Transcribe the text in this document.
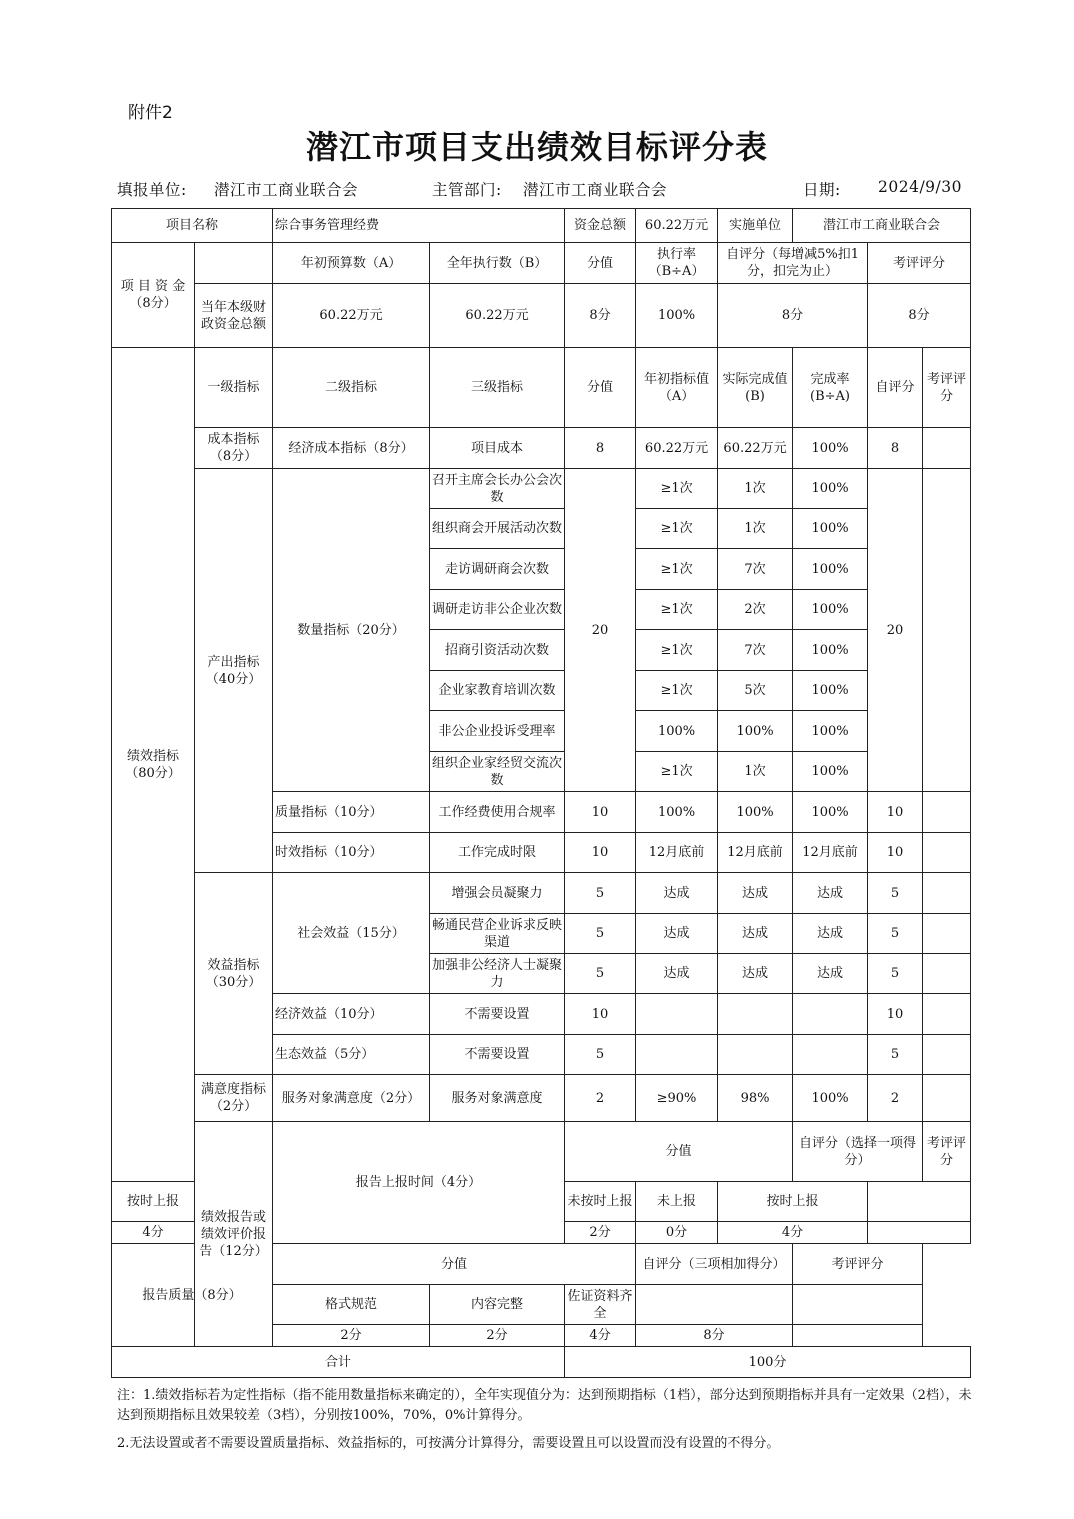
附件2
潜江市项目支出绩效目标评分表
填报单位: 潜江市工商业联合会	主管部门: 潜江市工商业联合会	日期: 2024/9/30
项目名称		综合事务管理经费		资金总额	60.22万元	实施单位	潜江市工商业联合会			
项 目 资 金（8分）		年初预算数（A）	全年执行数（B）	分值	执行率（B÷A）	自评分（每增减5%扣1分，扣完为止）		考评评分		
	当年本级财政资金总额	60.22万元	60.22万元	8分	100%	8分		8分		
绩效指标（80分）	一级指标	二级指标	三级指标	分值	年初指标值（A）	实际完成值(B)	完成率(B÷A)	自评分	考评评分	
	成本指标（8分）	经济成本指标（8分）	项目成本	8	60.22万元	60.22万元	100%	8		
	产出指标（40分）	数量指标（20分）	召开主席会长办公会次数	20	≥1次	1次	100%	20		
			组织商会开展活动次数		≥1次	1次	100%			
			走访调研商会次数		≥1次	7次	100%			
			调研走访非公企业次数		≥1次	2次	100%			
			招商引资活动次数		≥1次	7次	100%			
			企业家教育培训次数		≥1次	5次	100%			
			非公企业投诉受理率		100%	100%	100%			
			组织企业家经贸交流次数		≥1次	1次	100%			
		质量指标（10分）	工作经费使用合规率	10	100%	100%	100%	10		
		时效指标（10分）	工作完成时限	10	12月底前	12月底前	12月底前	10		
	效益指标（30分）	社会效益（15分）	增强会员凝聚力	5	达成	达成	达成	5		
			畅通民营企业诉求反映渠道	5	达成	达成	达成	5		
			加强非公经济人士凝聚力	5	达成	达成	达成	5		
		经济效益（10分）	不需要设置	10				10		
		生态效益（5分）	不需要设置	5				5		
	满意度指标（2分）	服务对象满意度（2分）	服务对象满意度	2	≥90%	98%	100%	2		
	绩效报告或绩效评价报告（12分）	报告上报时间（4分）		分值			自评分（选择一项得分）		考评评分	
按时上报				未按时上报	未上报	按时上报				
4分				2分	0分	4分				
报告质量（8分）		分值			自评分（三项相加得分）		考评评分			
		格式规范	内容完整	佐证资料齐全						
		2分	2分	4分	8分					
合计				100分						

注：1.绩效指标若为定性指标（指不能用数量指标来确定的），全年实现值分为：达到预期指标（1档），部分达到预期指标并具有一定效果（2档），未达到预期指标且效果较差（3档），分别按100%，70%，0%计算得分。

2.无法设置或者不需要设置质量指标、效益指标的，可按满分计算得分，需要设置且可以设置而没有设置的不得分。
